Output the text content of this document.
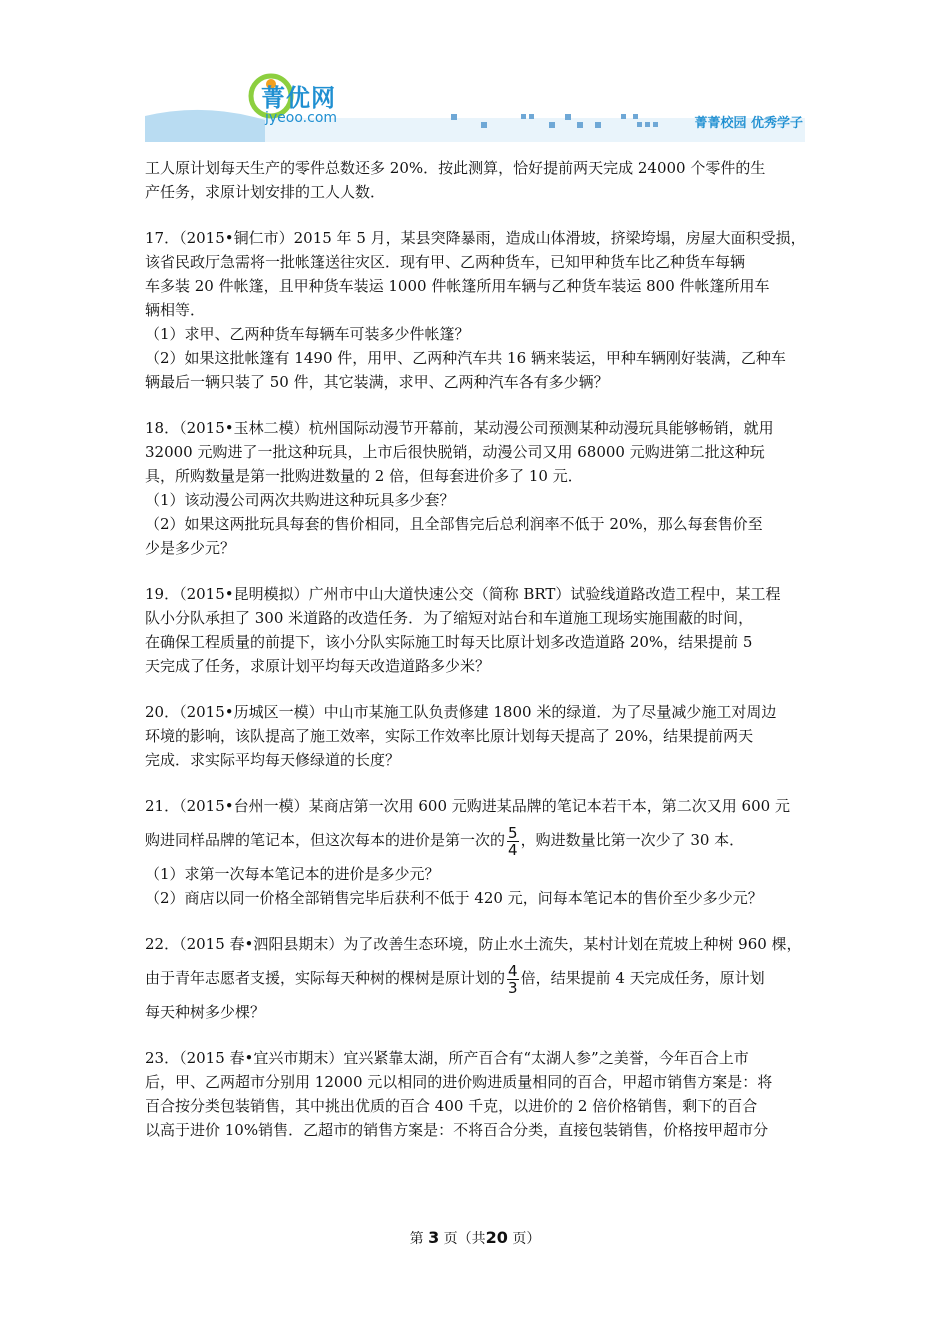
菁优网
jyeoo.com	菁菁校园 优秀学子

工人原计划每天生产的零件总数还多 20%．按此测算，恰好提前两天完成 24000 个零件的生

产任务，求原计划安排的工人人数．

17．（2015•铜仁市）2015 年 5 月，某县突降暴雨，造成山体滑坡，挤梁垮塌，房屋大面积受损，

该省民政厅急需将一批帐篷送往灾区．现有甲、乙两种货车，已知甲种货车比乙种货车每辆

车多装 20 件帐篷，且甲种货车装运 1000 件帐篷所用车辆与乙种货车装运 800 件帐篷所用车

辆相等．

（1）求甲、乙两种货车每辆车可装多少件帐篷？

（2）如果这批帐篷有 1490 件，用甲、乙两种汽车共 16 辆来装运，甲种车辆刚好装满，乙种车

辆最后一辆只装了 50 件，其它装满，求甲、乙两种汽车各有多少辆？

18．（2015•玉林二模）杭州国际动漫节开幕前，某动漫公司预测某种动漫玩具能够畅销，就用

32000 元购进了一批这种玩具，上市后很快脱销，动漫公司又用 68000 元购进第二批这种玩

具，所购数量是第一批购进数量的 2 倍，但每套进价多了 10 元．

（1）该动漫公司两次共购进这种玩具多少套？

（2）如果这两批玩具每套的售价相同，且全部售完后总利润率不低于 20%，那么每套售价至

少是多少元？

19．（2015•昆明模拟）广州市中山大道快速公交（简称 BRT）试验线道路改造工程中，某工程

队小分队承担了 300 米道路的改造任务．为了缩短对站台和车道施工现场实施围蔽的时间，

在确保工程质量的前提下，该小分队实际施工时每天比原计划多改造道路 20%，结果提前 5

天完成了任务，求原计划平均每天改造道路多少米？

20．（2015•历城区一模）中山市某施工队负责修建 1800 米的绿道．为了尽量减少施工对周边

环境的影响，该队提高了施工效率，实际工作效率比原计划每天提高了 20%，结果提前两天

完成．求实际平均每天修绿道的长度？

21．（2015•台州一模）某商店第一次用 600 元购进某品牌的笔记本若干本，第二次又用 600 元

购进同样品牌的笔记本，但这次每本的进价是第一次的 $\frac{5}{4}$ ，购进数量比第一次少了 30 本．

（1）求第一次每本笔记本的进价是多少元？

（2）商店以同一价格全部销售完毕后获利不低于 420 元，问每本笔记本的售价至少多少元？

22．（2015 春•泗阳县期末）为了改善生态环境，防止水土流失，某村计划在荒坡上种树 960 棵，

由于青年志愿者支援，实际每天种树的棵树是原计划的 $\frac{4}{3}$ 倍，结果提前 4 天完成任务，原计划

每天种树多少棵？

23．（2015 春•宜兴市期末）宜兴紧靠太湖，所产百合有“太湖人参”之美誉，今年百合上市

后，甲、乙两超市分别用 12000 元以相同的进价购进质量相同的百合，甲超市销售方案是：将

百合按分类包装销售，其中挑出优质的百合 400 千克，以进价的 2 倍价格销售，剩下的百合

以高于进价 10%销售．乙超市的销售方案是：不将百合分类，直接包装销售，价格按甲超市分

第 3 页（共20 页）
